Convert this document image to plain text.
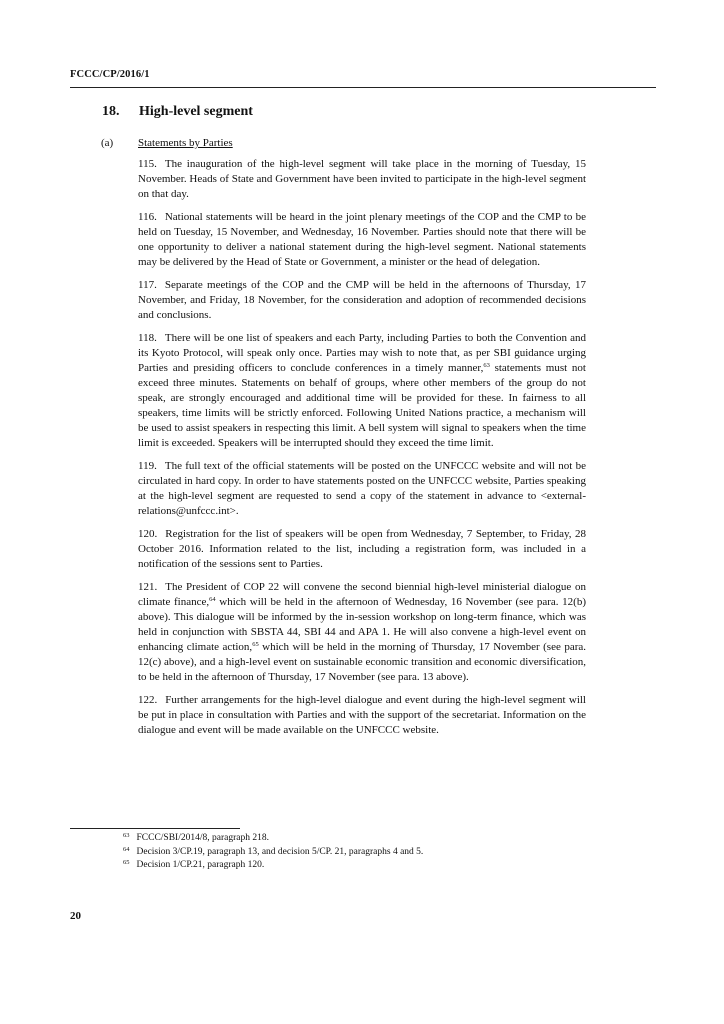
FCCC/CP/2016/1
18. High-level segment
(a) Statements by Parties

115. The inauguration of the high-level segment will take place in the morning of Tuesday, 15 November. Heads of State and Government have been invited to participate in the high-level segment on that day.

116. National statements will be heard in the joint plenary meetings of the COP and the CMP to be held on Tuesday, 15 November, and Wednesday, 16 November. Parties should note that there will be one opportunity to deliver a national statement during the high-level segment. National statements may be delivered by the Head of State or Government, a minister or the head of delegation.

117. Separate meetings of the COP and the CMP will be held in the afternoons of Thursday, 17 November, and Friday, 18 November, for the consideration and adoption of recommended decisions and conclusions.

118. There will be one list of speakers and each Party, including Parties to both the Convention and its Kyoto Protocol, will speak only once. Parties may wish to note that, as per SBI guidance urging Parties and presiding officers to conclude conferences in a timely manner,$^{63}$ statements must not exceed three minutes. Statements on behalf of groups, where other members of the group do not speak, are strongly encouraged and additional time will be provided for these. In fairness to all speakers, time limits will be strictly enforced. Following United Nations practice, a mechanism will be used to assist speakers in respecting this limit. A bell system will signal to speakers when the time limit is exceeded. Speakers will be interrupted should they exceed the time limit.

119. The full text of the official statements will be posted on the UNFCCC website and will not be circulated in hard copy. In order to have statements posted on the UNFCCC website, Parties speaking at the high-level segment are requested to send a copy of the statement in advance to <external-relations@unfccc.int>.

120. Registration for the list of speakers will be open from Wednesday, 7 September, to Friday, 28 October 2016. Information related to the list, including a registration form, was included in a notification of the sessions sent to Parties.

121. The President of COP 22 will convene the second biennial high-level ministerial dialogue on climate finance,$^{64}$ which will be held in the afternoon of Wednesday, 16 November (see para. 12(b) above). This dialogue will be informed by the in-session workshop on long-term finance, which was held in conjunction with SBSTA 44, SBI 44 and APA 1. He will also convene a high-level event on enhancing climate action,$^{65}$ which will be held in the morning of Thursday, 17 November (see para. 12(c) above), and a high-level event on sustainable economic transition and economic diversification, to be held in the afternoon of Thursday, 17 November (see para. 13 above).

122. Further arrangements for the high-level dialogue and event during the high-level segment will be put in place in consultation with Parties and with the support of the secretariat. Information on the dialogue and event will be made available on the UNFCCC website.

$^{63}$ FCCC/SBI/2014/8, paragraph 218.
$^{64}$ Decision 3/CP.19, paragraph 13, and decision 5/CP. 21, paragraphs 4 and 5.
$^{65}$ Decision 1/CP.21, paragraph 120.
20
